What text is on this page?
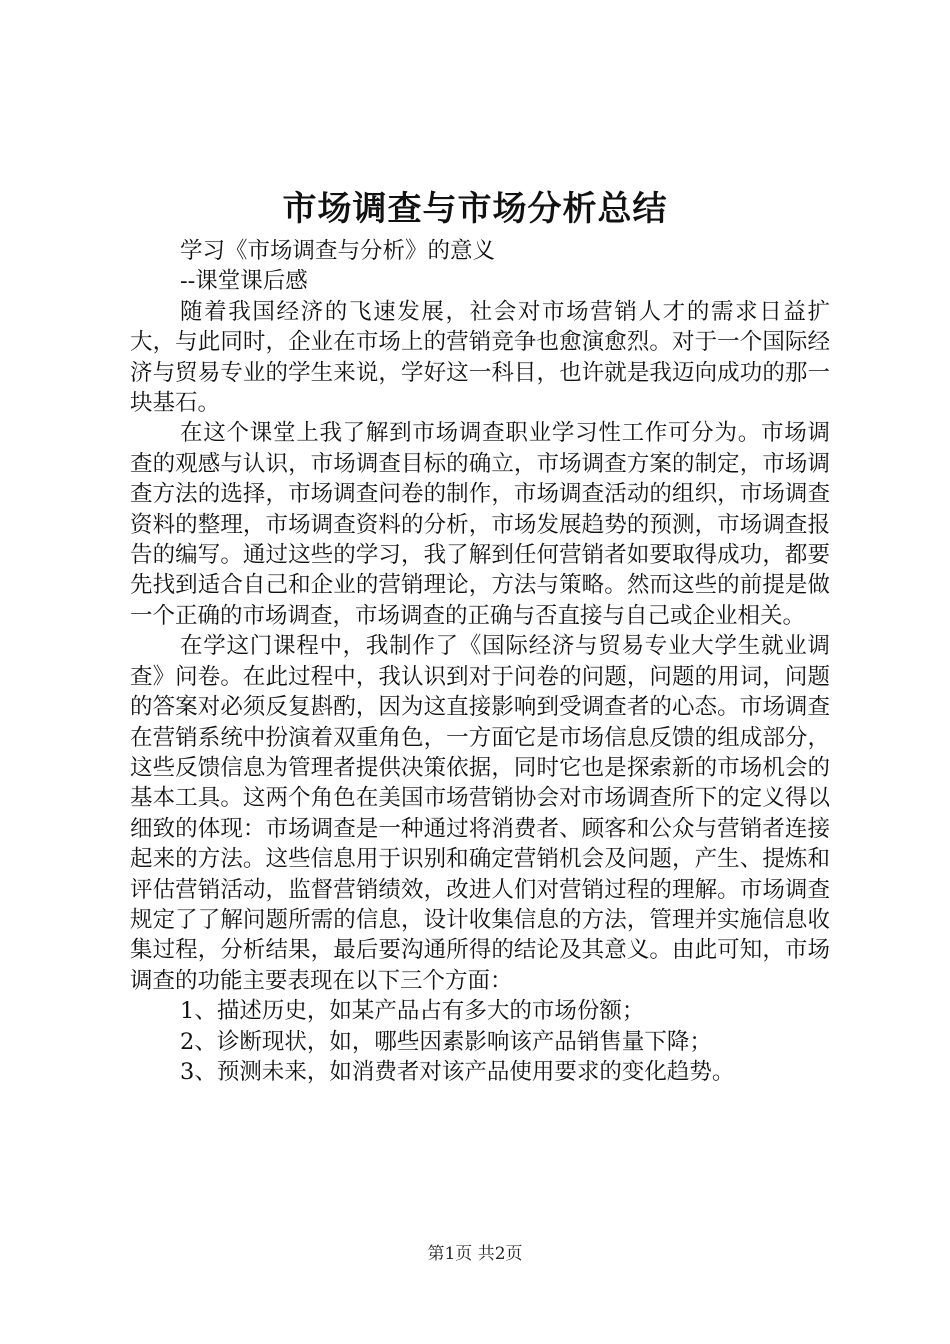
市场调查与市场分析总结

学习《市场调查与分析》的意义

--课堂课后感

随着我国经济的飞速发展，社会对市场营销人才的需求日益扩大，与此同时，企业在市场上的营销竞争也愈演愈烈。对于一个国际经济与贸易专业的学生来说，学好这一科目，也许就是我迈向成功的那一块基石。

在这个课堂上我了解到市场调查职业学习性工作可分为。市场调查的观感与认识，市场调查目标的确立，市场调查方案的制定，市场调查方法的选择，市场调查问卷的制作，市场调查活动的组织，市场调查资料的整理，市场调查资料的分析，市场发展趋势的预测，市场调查报告的编写。通过这些的学习，我了解到任何营销者如要取得成功，都要先找到适合自己和企业的营销理论，方法与策略。然而这些的前提是做一个正确的市场调查，市场调查的正确与否直接与自己或企业相关。

在学这门课程中，我制作了《国际经济与贸易专业大学生就业调查》问卷。在此过程中，我认识到对于问卷的问题，问题的用词，问题的答案对必须反复斟酌，因为这直接影响到受调查者的心态。市场调查在营销系统中扮演着双重角色，一方面它是市场信息反馈的组成部分，这些反馈信息为管理者提供决策依据，同时它也是探索新的市场机会的基本工具。这两个角色在美国市场营销协会对市场调查所下的定义得以细致的体现：市场调查是一种通过将消费者、顾客和公众与营销者连接起来的方法。这些信息用于识别和确定营销机会及问题，产生、提炼和评估营销活动，监督营销绩效，改进人们对营销过程的理解。市场调查规定了了解问题所需的信息，设计收集信息的方法，管理并实施信息收集过程，分析结果，最后要沟通所得的结论及其意义。由此可知，市场调查的功能主要表现在以下三个方面：

1、描述历史，如某产品占有多大的市场份额；

2、诊断现状，如，哪些因素影响该产品销售量下降；

3、预测未来，如消费者对该产品使用要求的变化趋势。

第1页 共2页
